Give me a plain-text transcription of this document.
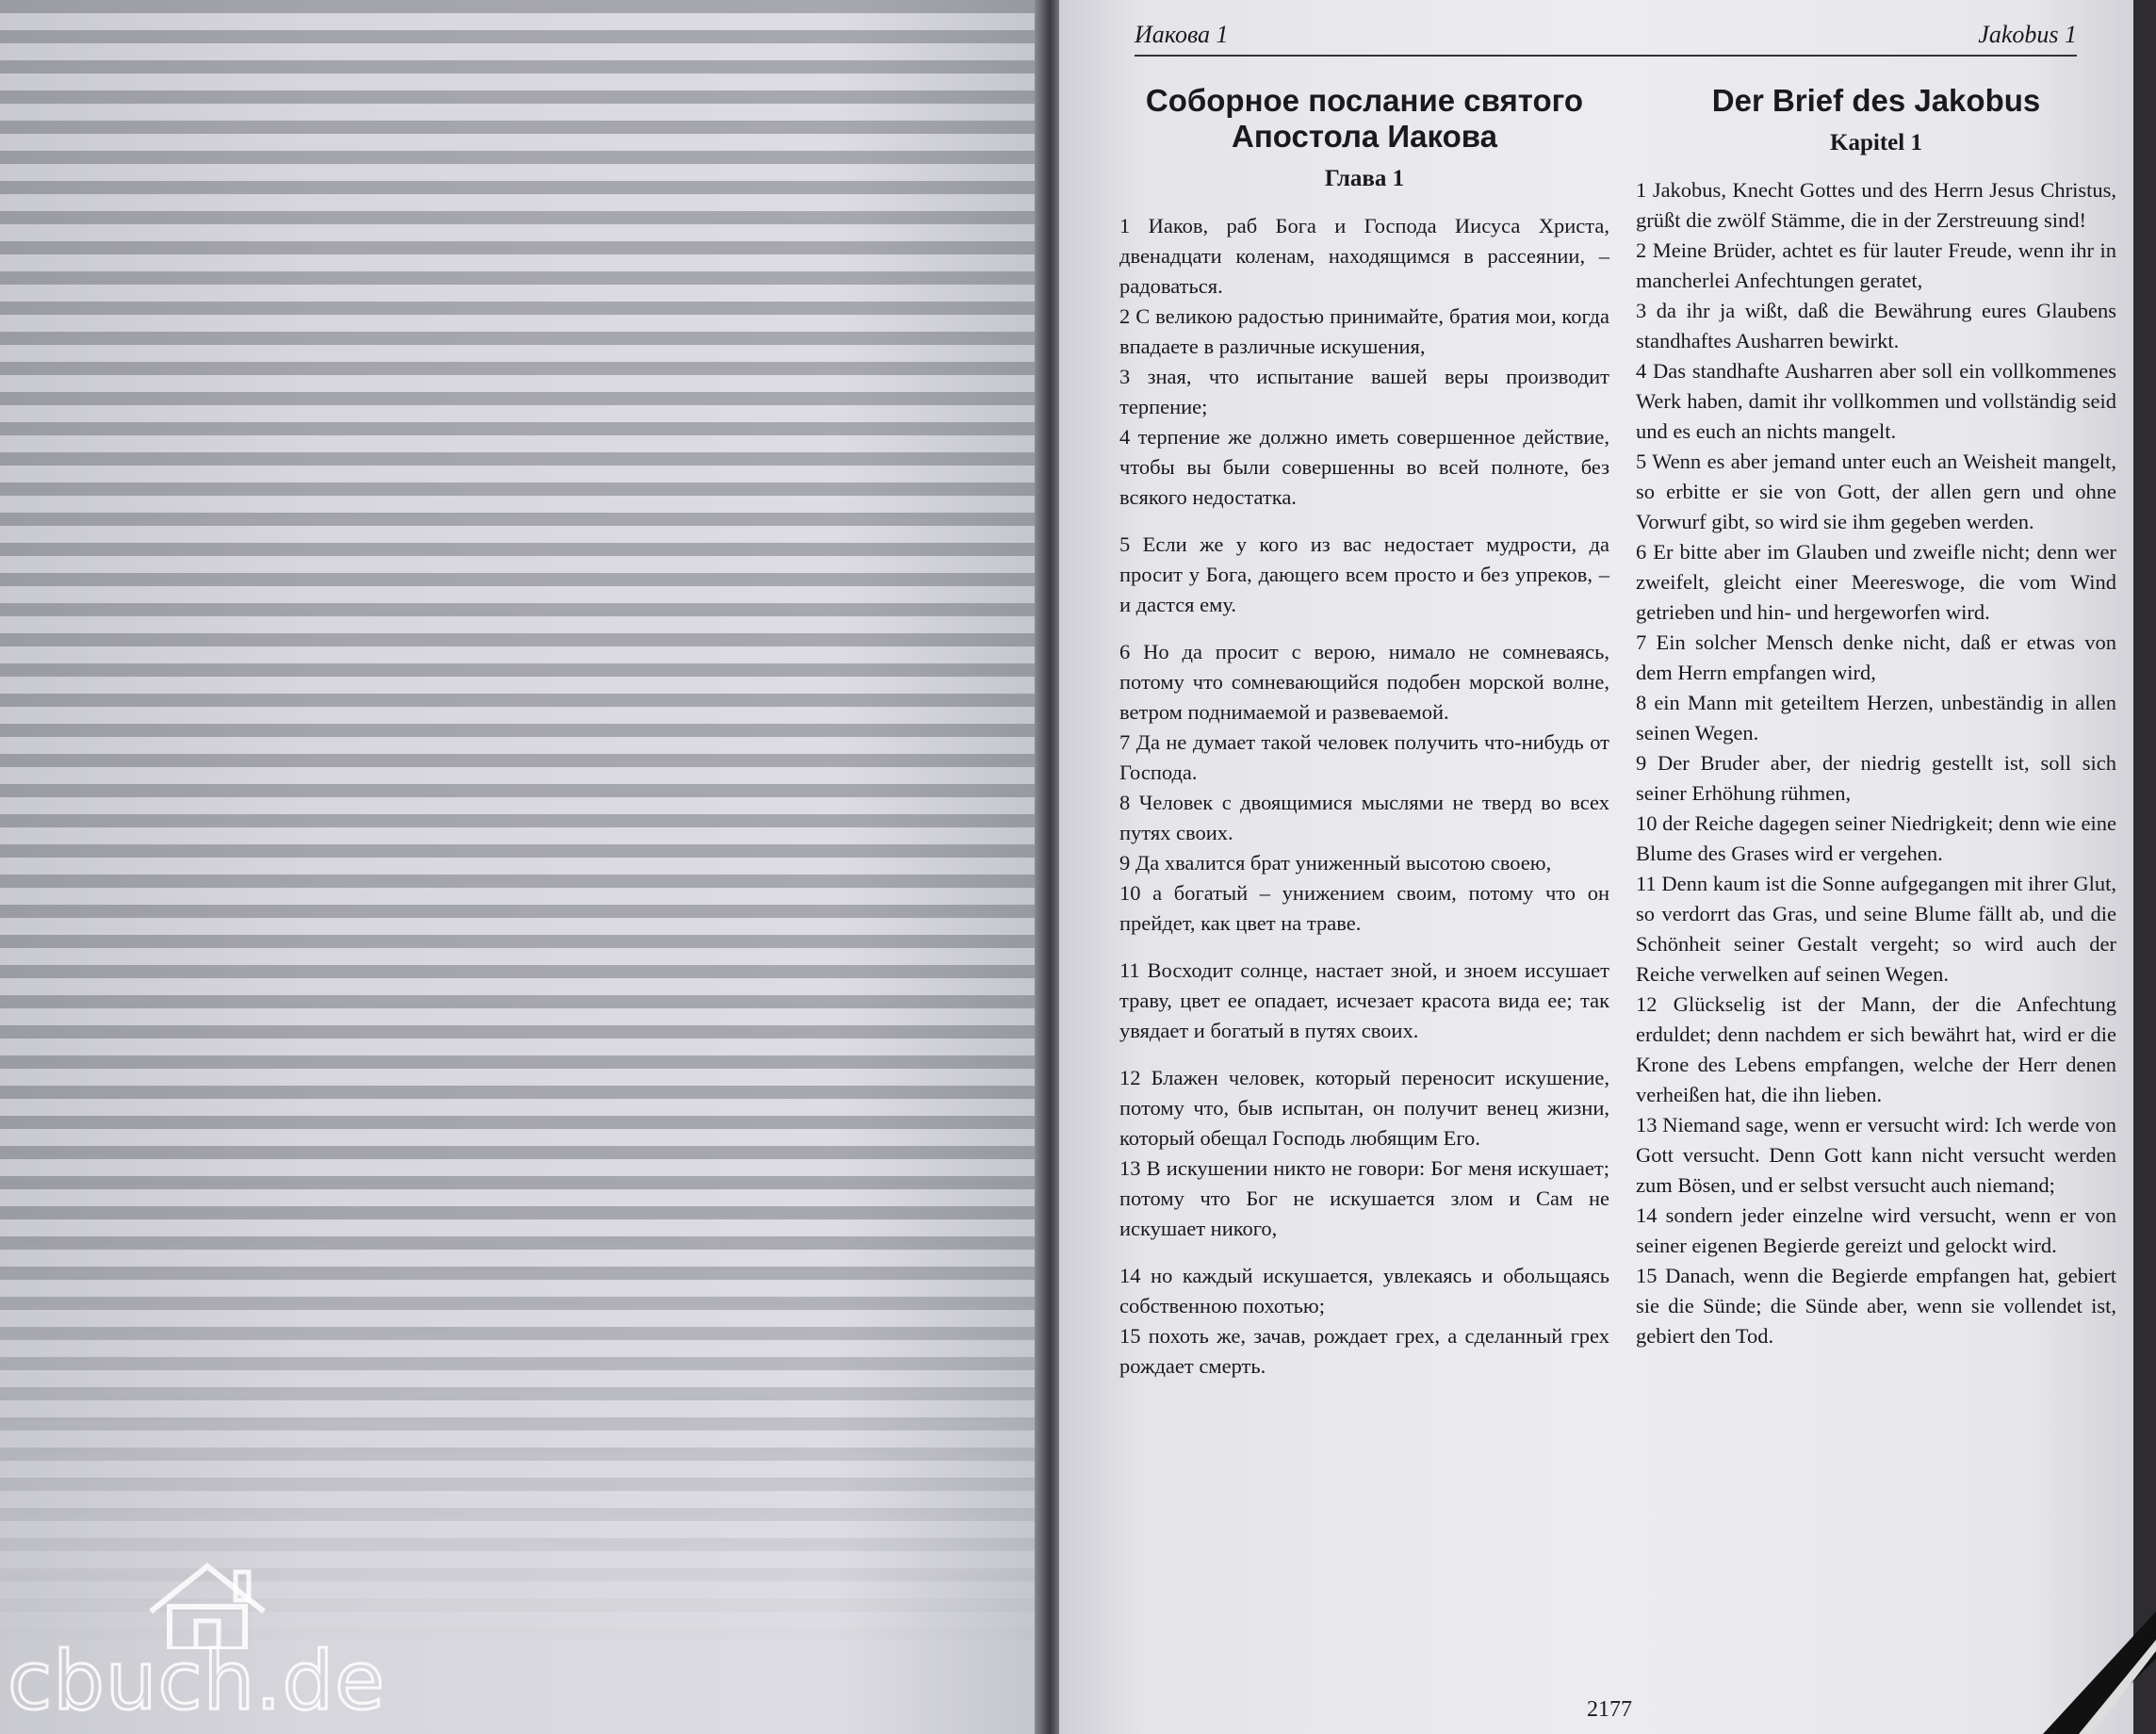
cbuch.de
Иакова 1	Jakobus 1
Соборное послание святого Апостола Иакова
Глава 1

1 Иаков, раб Бога и Господа Иисуса Христа, двенадцати коленам, находящимся в рассеянии, – радоваться.

2 С великою радостью принимайте, братия мои, когда впадаете в различные искушения,

3 зная, что испытание вашей веры производит терпение;

4 терпение же должно иметь совершенное действие, чтобы вы были совершенны во всей полноте, без всякого недостатка.

5 Если же у кого из вас недостает мудрости, да просит у Бога, дающего всем просто и без упреков, – и дастся ему.

6 Но да просит с верою, нимало не сомневаясь, потому что сомневающийся подобен морской волне, ветром поднимаемой и развеваемой.

7 Да не думает такой человек получить что-нибудь от Господа.

8 Человек с двоящимися мыслями не тверд во всех путях своих.

9 Да хвалится брат униженный высотою своею,

10 а богатый – унижением своим, потому что он прейдет, как цвет на траве.

11 Восходит солнце, настает зной, и зноем иссушает траву, цвет ее опадает, исчезает красота вида ее; так увядает и богатый в путях своих.

12 Блажен человек, который переносит искушение, потому что, быв испытан, он получит венец жизни, который обещал Господь любящим Его.

13 В искушении никто не говори: Бог меня искушает; потому что Бог не искушается злом и Сам не искушает никого,

14 но каждый искушается, увлекаясь и обольщаясь собственною похотью;

15 похоть же, зачав, рождает грех, а сделанный грех рождает смерть.

Der Brief des Jakobus
Kapitel 1

1 Jakobus, Knecht Gottes und des Herrn Jesus Christus, grüßt die zwölf Stämme, die in der Zerstreuung sind!

2 Meine Brüder, achtet es für lauter Freude, wenn ihr in mancherlei Anfechtungen geratet,

3 da ihr ja wißt, daß die Bewährung eures Glaubens standhaftes Ausharren bewirkt.

4 Das standhafte Ausharren aber soll ein vollkommenes Werk haben, damit ihr vollkommen und vollständig seid und es euch an nichts mangelt.

5 Wenn es aber jemand unter euch an Weisheit mangelt, so erbitte er sie von Gott, der allen gern und ohne Vorwurf gibt, so wird sie ihm gegeben werden.

6 Er bitte aber im Glauben und zweifle nicht; denn wer zweifelt, gleicht einer Meereswoge, die vom Wind getrieben und hin- und hergeworfen wird.

7 Ein solcher Mensch denke nicht, daß er etwas von dem Herrn empfangen wird,

8 ein Mann mit geteiltem Herzen, unbeständig in allen seinen Wegen.

9 Der Bruder aber, der niedrig gestellt ist, soll sich seiner Erhöhung rühmen,

10 der Reiche dagegen seiner Niedrigkeit; denn wie eine Blume des Grases wird er vergehen.

11 Denn kaum ist die Sonne aufgegangen mit ihrer Glut, so verdorrt das Gras, und seine Blume fällt ab, und die Schönheit seiner Gestalt vergeht; so wird auch der Reiche verwelken auf seinen Wegen.

12 Glückselig ist der Mann, der die Anfechtung erduldet; denn nachdem er sich bewährt hat, wird er die Krone des Lebens empfangen, welche der Herr denen verheißen hat, die ihn lieben.

13 Niemand sage, wenn er versucht wird: Ich werde von Gott versucht. Denn Gott kann nicht versucht werden zum Bösen, und er selbst versucht auch niemand;

14 sondern jeder einzelne wird versucht, wenn er von seiner eigenen Begierde gereizt und gelockt wird.

15 Danach, wenn die Begierde empfangen hat, gebiert sie die Sünde; die Sünde aber, wenn sie vollendet ist, gebiert den Tod.

2177
